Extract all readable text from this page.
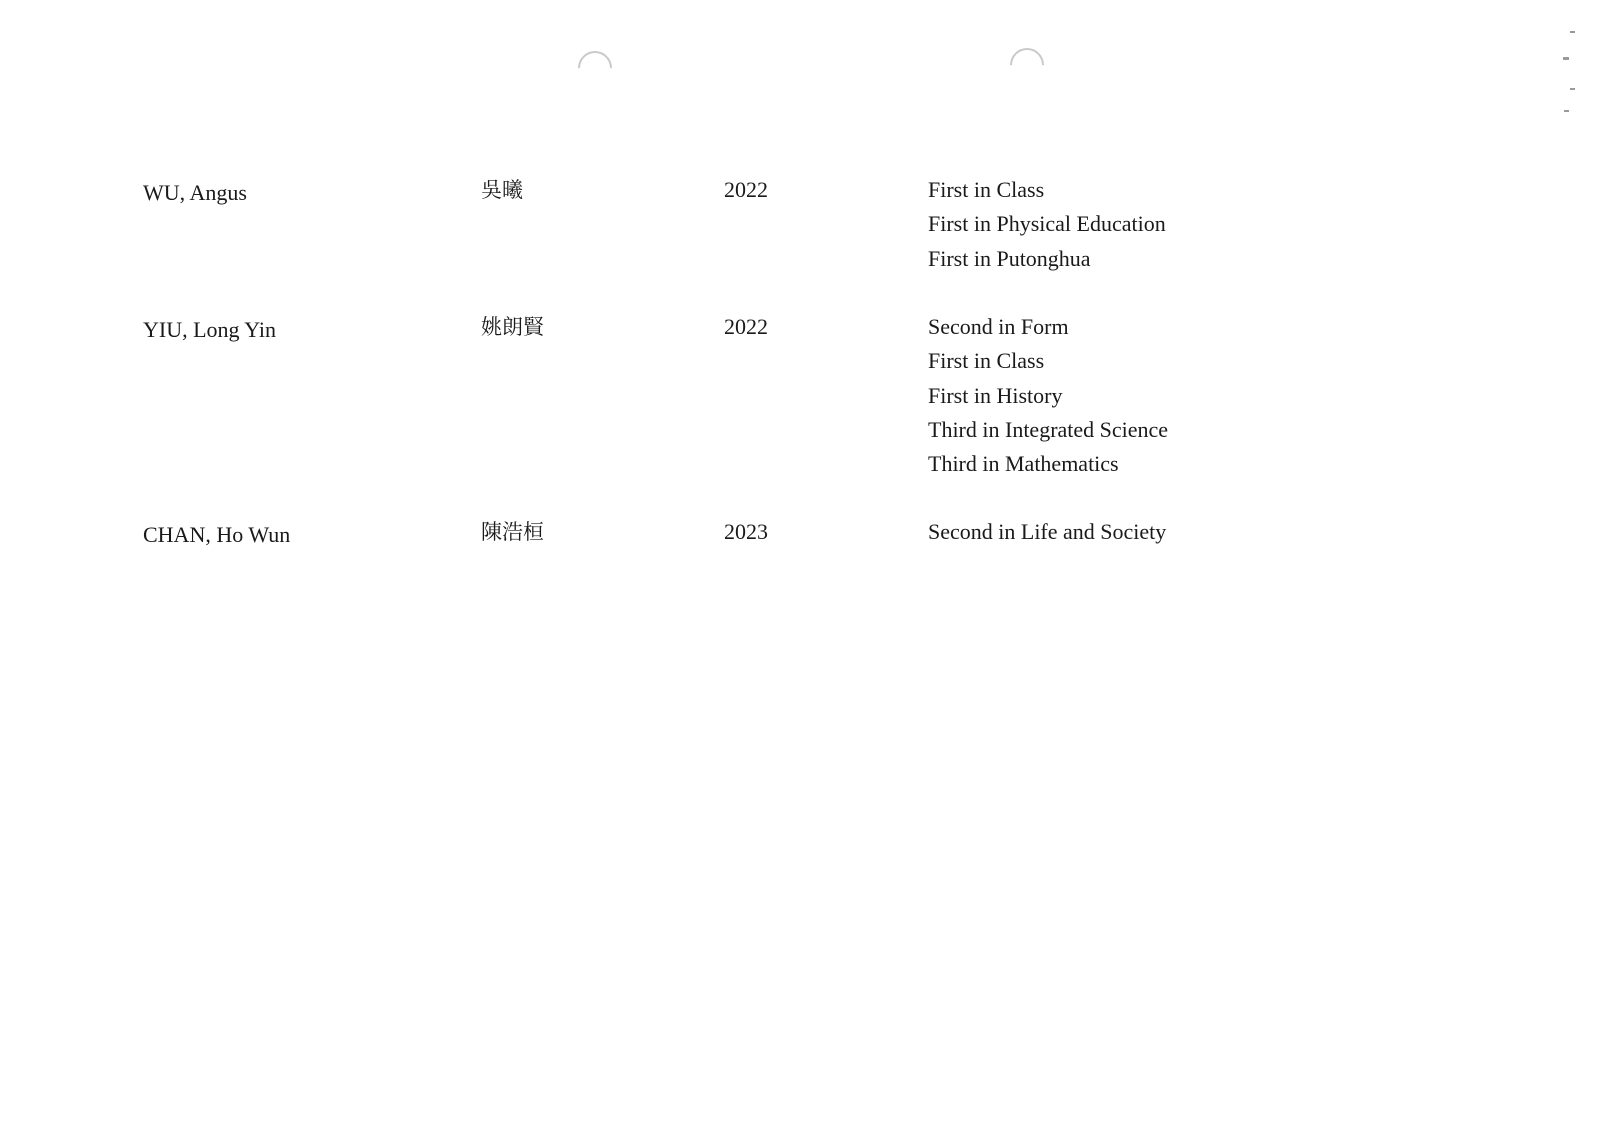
WU, Angus	吳曦	2022	First in Class
First in Physical Education
First in Putonghua
YIU, Long Yin	姚朗賢	2022	Second in Form
First in Class
First in History
Third in Integrated Science
Third in Mathematics
CHAN, Ho Wun	陳浩桓	2023	Second in Life and Society
